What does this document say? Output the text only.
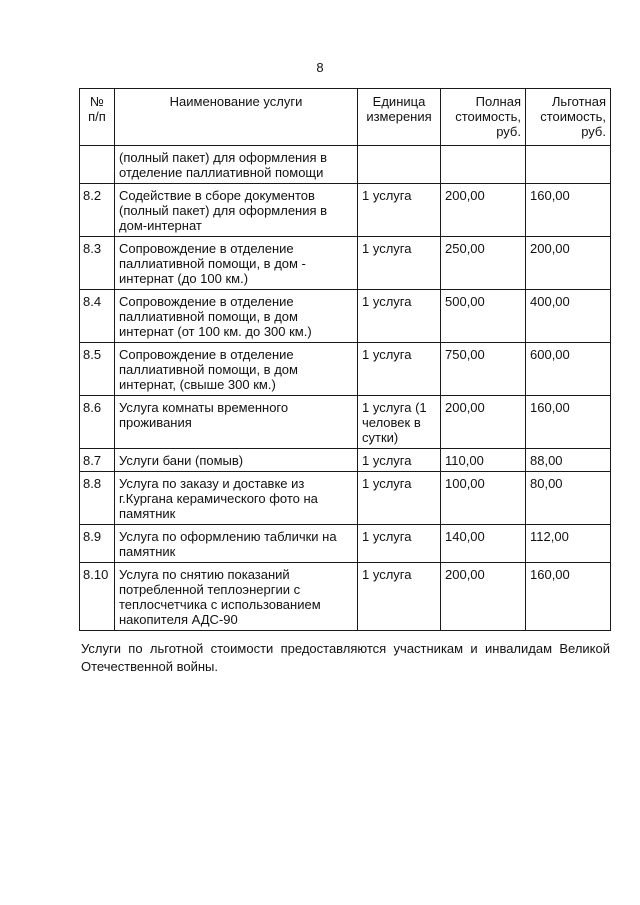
8
№ п/п	Наименование услуги	Единица измерения	Полная стоимость, руб.	Льготная стоимость, руб.
	(полный пакет) для оформления в отделение паллиативной помощи			
8.2	Содействие в сборе документов (полный пакет) для оформления в дом-интернат	1 услуга	200,00	160,00
8.3	Сопровождение в отделение паллиативной помощи, в дом - интернат (до 100 км.)	1 услуга	250,00	200,00
8.4	Сопровождение в отделение паллиативной помощи, в дом интернат (от 100 км. до 300 км.)	1 услуга	500,00	400,00
8.5	Сопровождение в отделение паллиативной помощи, в дом интернат, (свыше 300 км.)	1 услуга	750,00	600,00
8.6	Услуга комнаты временного проживания	1 услуга (1 человек в сутки)	200,00	160,00
8.7	Услуги бани (помыв)	1 услуга	110,00	88,00
8.8	Услуга по заказу и доставке из г.Кургана керамического фото на памятник	1 услуга	100,00	80,00
8.9	Услуга по оформлению таблички на памятник	1 услуга	140,00	112,00
8.10	Услуга по снятию показаний потребленной теплоэнергии с теплосчетчика с использованием накопителя АДС-90	1 услуга	200,00	160,00

Услуги по льготной стоимости предоставляются участникам и инвалидам Великой Отечественной войны.
